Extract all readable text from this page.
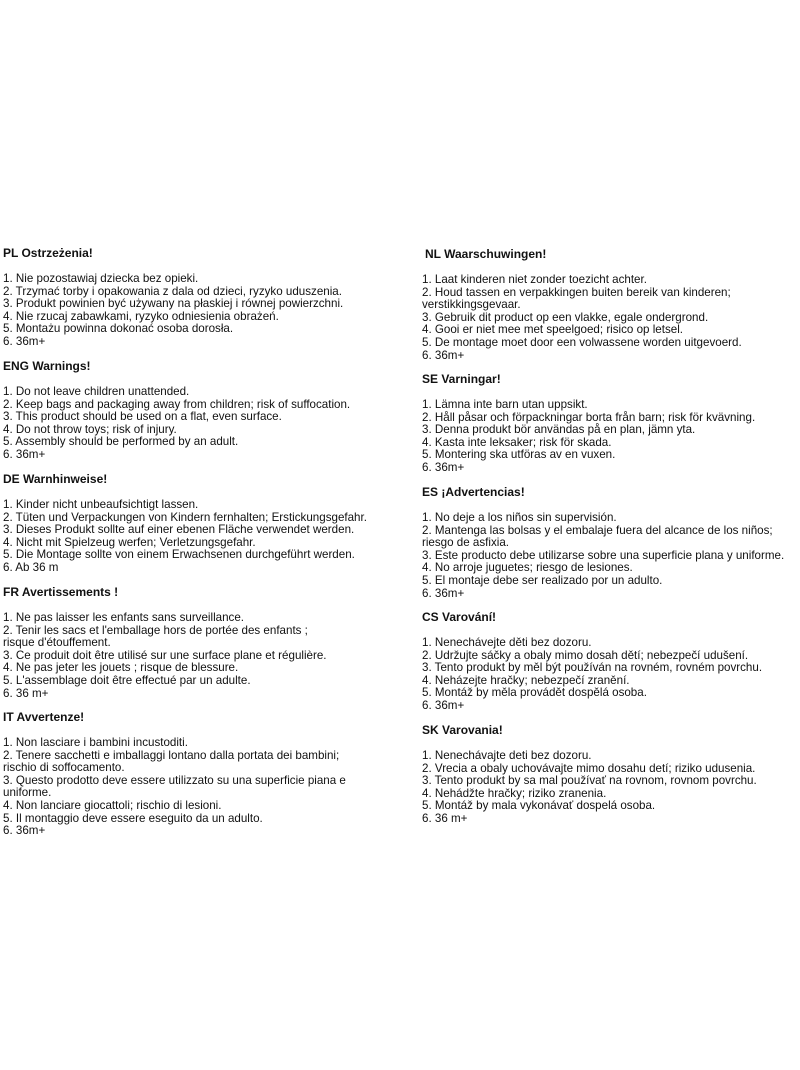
PL Ostrzeżenia!
1. Nie pozostawiaj dziecka bez opieki.
2. Trzymać torby i opakowania z dala od dzieci, ryzyko uduszenia.
3. Produkt powinien być używany na płaskiej i równej powierzchni.
4. Nie rzucaj zabawkami, ryzyko odniesienia obrażeń.
5. Montażu powinna dokonać osoba dorosła.
6. 36m+
ENG Warnings!
1. Do not leave children unattended.
2. Keep bags and packaging away from children; risk of suffocation.
3. This product should be used on a flat, even surface.
4. Do not throw toys; risk of injury.
5. Assembly should be performed by an adult.
6. 36m+
DE Warnhinweise!
1. Kinder nicht unbeaufsichtigt lassen.
2. Tüten und Verpackungen von Kindern fernhalten; Erstickungsgefahr.
3. Dieses Produkt sollte auf einer ebenen Fläche verwendet werden.
4. Nicht mit Spielzeug werfen; Verletzungsgefahr.
5. Die Montage sollte von einem Erwachsenen durchgeführt werden.
6. Ab 36 m
FR Avertissements !
1. Ne pas laisser les enfants sans surveillance.
2. Tenir les sacs et l'emballage hors de portée des enfants ;
risque d'étouffement.
3. Ce produit doit être utilisé sur une surface plane et régulière.
4. Ne pas jeter les jouets ; risque de blessure.
5. L'assemblage doit être effectué par un adulte.
6. 36 m+
IT Avvertenze!
1. Non lasciare i bambini incustoditi.
2. Tenere sacchetti e imballaggi lontano dalla portata dei bambini;
rischio di soffocamento.
3. Questo prodotto deve essere utilizzato su una superficie piana e uniforme.
4. Non lanciare giocattoli; rischio di lesioni.
5. Il montaggio deve essere eseguito da un adulto.
6. 36m+
NL Waarschuwingen!
1. Laat kinderen niet zonder toezicht achter.
2. Houd tassen en verpakkingen buiten bereik van kinderen;
verstikkingsgevaar.
3. Gebruik dit product op een vlakke, egale ondergrond.
4. Gooi er niet mee met speelgoed; risico op letsel.
5. De montage moet door een volwassene worden uitgevoerd.
6. 36m+
SE Varningar!
1. Lämna inte barn utan uppsikt.
2. Håll påsar och förpackningar borta från barn; risk för kvävning.
3. Denna produkt bör användas på en plan, jämn yta.
4. Kasta inte leksaker; risk för skada.
5. Montering ska utföras av en vuxen.
6. 36m+
ES ¡Advertencias!
1. No deje a los niños sin supervisión.
2. Mantenga las bolsas y el embalaje fuera del alcance de los niños;
riesgo de asfixia.
3. Este producto debe utilizarse sobre una superficie plana y uniforme.
4. No arroje juguetes; riesgo de lesiones.
5. El montaje debe ser realizado por un adulto.
6. 36m+
CS Varování!
1. Nenechávejte děti bez dozoru.
2. Udržujte sáčky a obaly mimo dosah dětí; nebezpečí udušení.
3. Tento produkt by měl být používán na rovném, rovném povrchu.
4. Neházejte hračky; nebezpečí zranění.
5. Montáž by měla provádět dospělá osoba.
6. 36m+
SK Varovania!
1. Nenechávajte deti bez dozoru.
2. Vrecia a obaly uchovávajte mimo dosahu detí; riziko udusenia.
3. Tento produkt by sa mal používať na rovnom, rovnom povrchu.
4. Nehádžte hračky; riziko zranenia.
5. Montáž by mala vykonávať dospelá osoba.
6. 36 m+
